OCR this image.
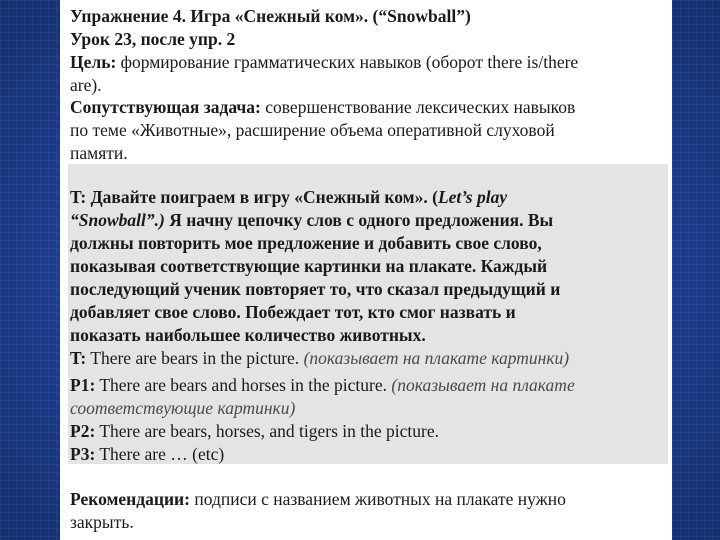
Упражнение 4. Игра «Снежный ком». (“Snowball”)
Урок 23, после упр. 2
Цель: формирование грамматических навыков (оборот there is/there
are).
Сопутствующая задача: совершенствование лексических навыков
по теме «Животные», расширение объема оперативной слуховой
памяти.
T: Давайте поиграем в игру «Снежный ком». (Let’s play
“Snowball”.) Я начну цепочку слов с одного предложения. Вы
должны повторить мое предложение и добавить свое слово,
показывая соответствующие картинки на плакате. Каждый
последующий ученик повторяет то, что сказал предыдущий и
добавляет свое слово. Побеждает тот, кто смог назвать и
показать наибольшее количество животных.
T: There are bears in the picture. (показывает на плакате картинки)
P1: There are bears and horses in the picture. (показывает на плакате
соответствующие картинки)
P2: There are bears, horses, and tigers in the picture.
P3: There are … (etc)
Рекомендации: подписи с названием животных на плакате нужно
закрыть.
